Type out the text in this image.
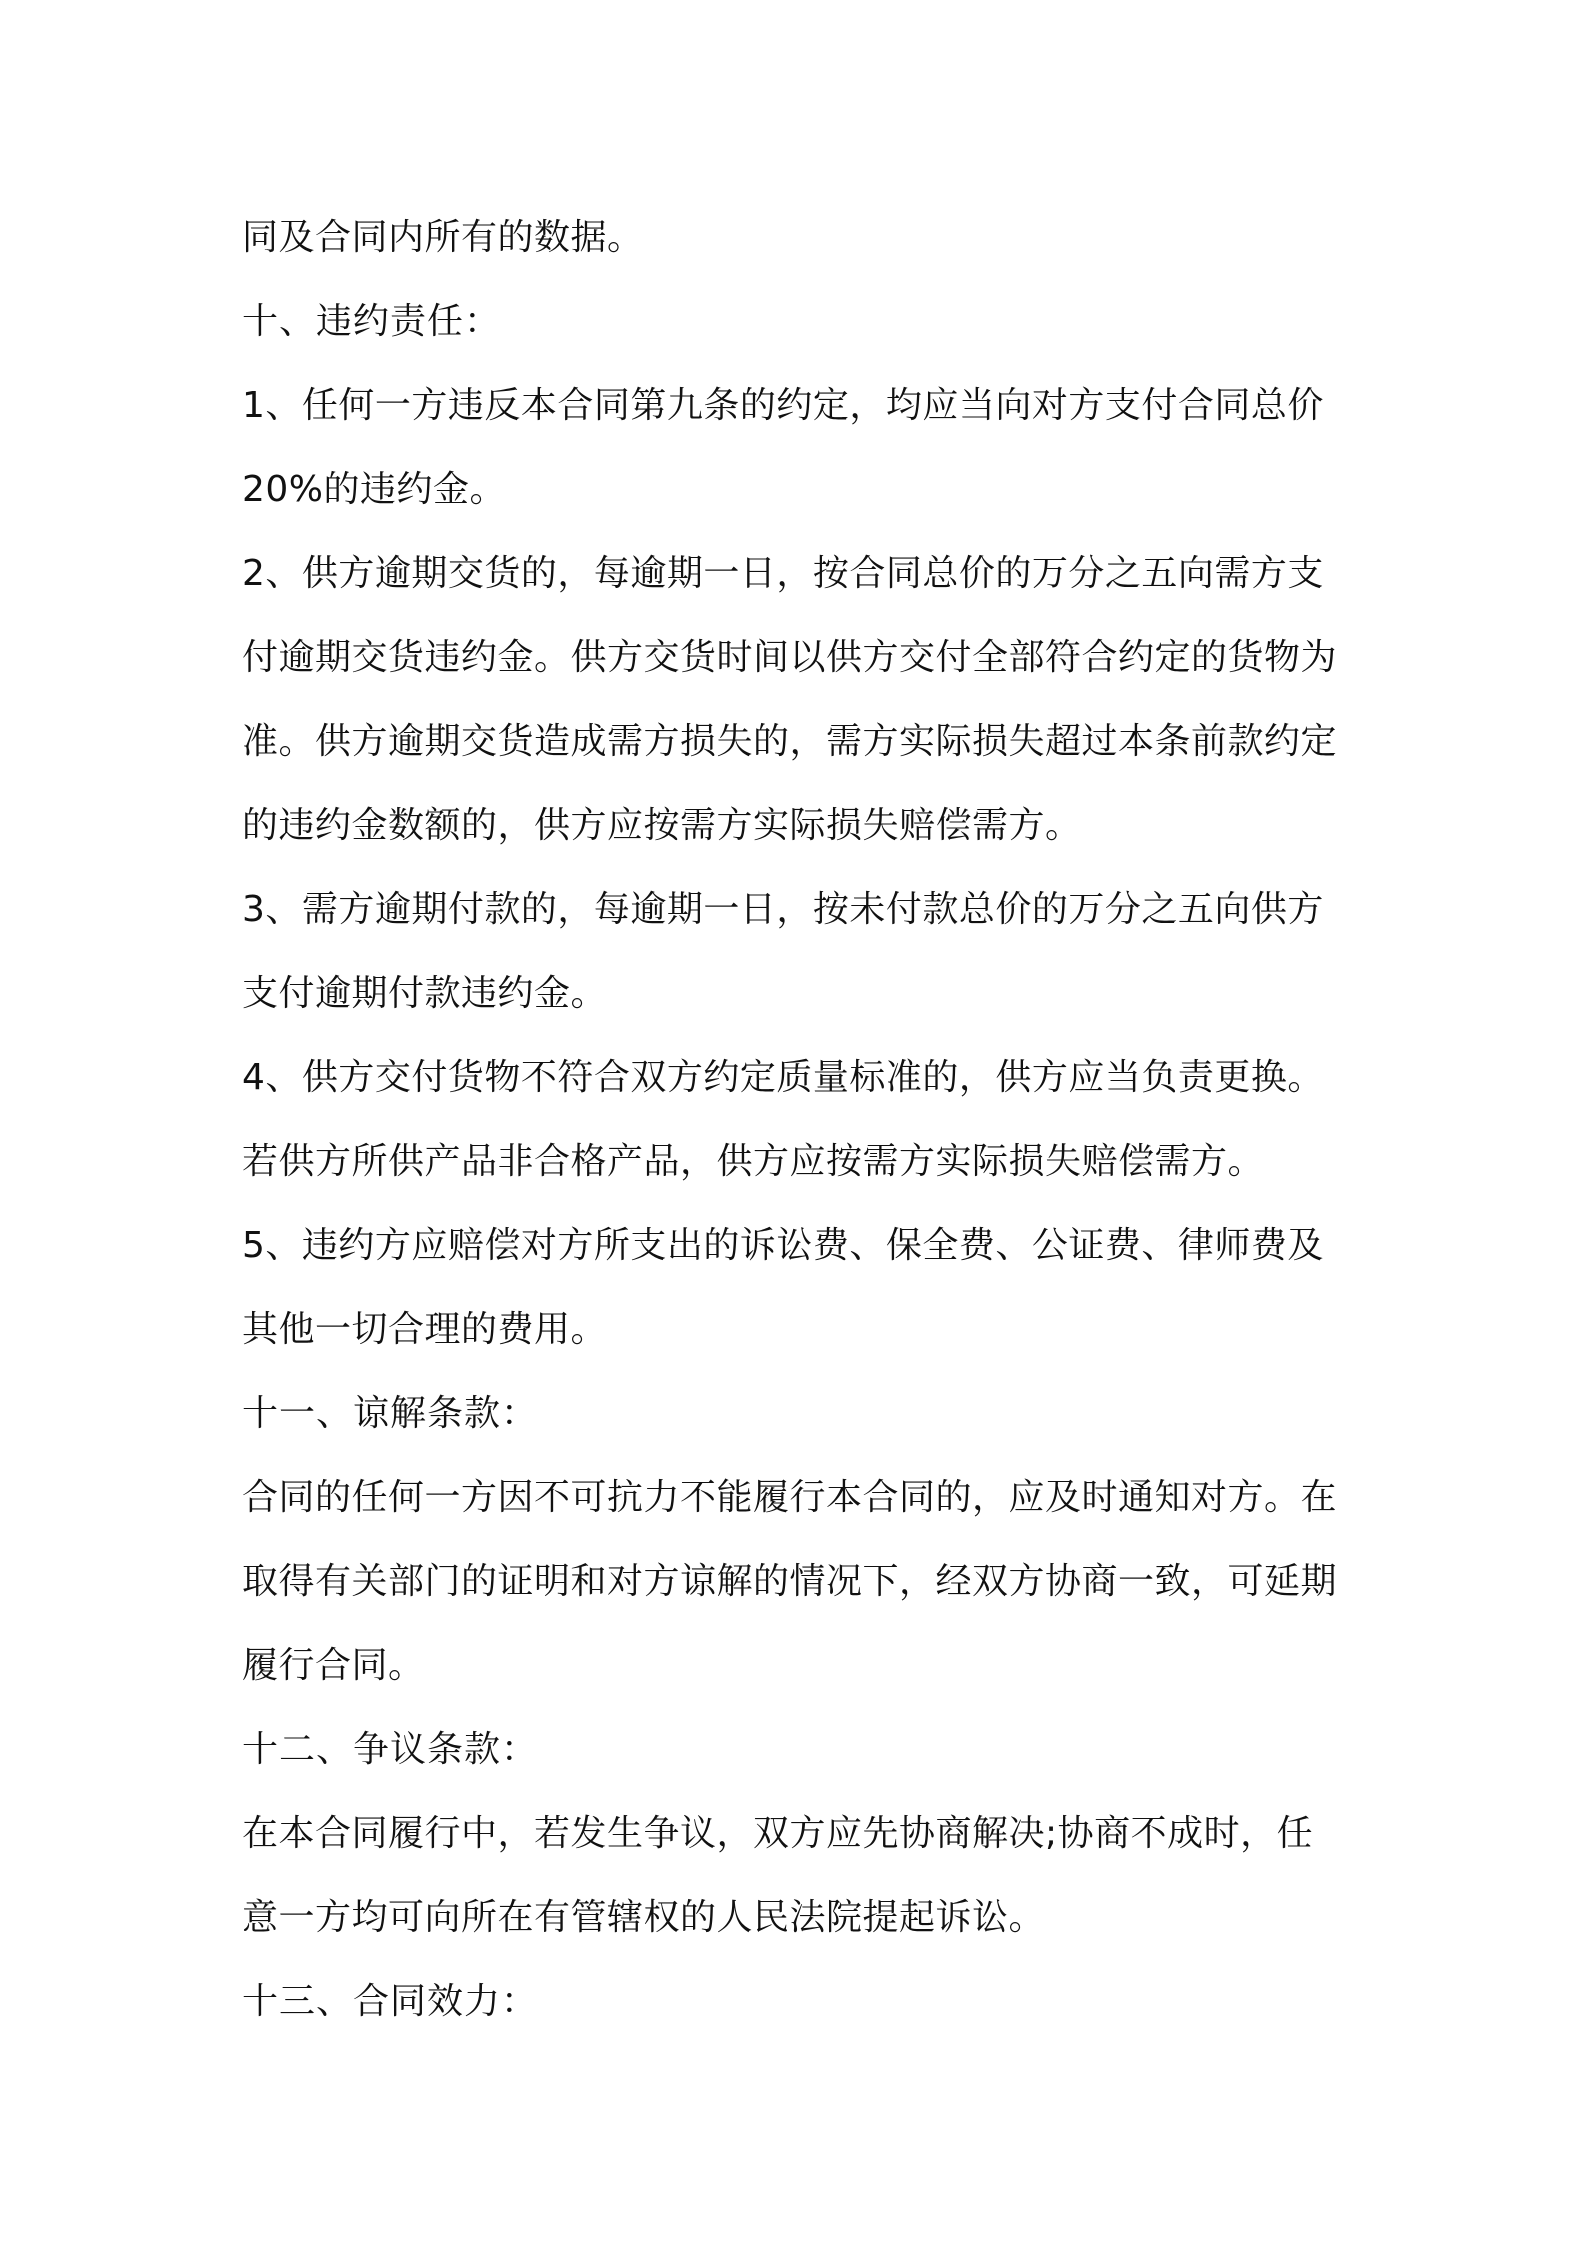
同及合同内所有的数据。
十、违约责任：
1、任何一方违反本合同第九条的约定，均应当向对方支付合同总价
20%的违约金。
2、供方逾期交货的，每逾期一日，按合同总价的万分之五向需方支
付逾期交货违约金。供方交货时间以供方交付全部符合约定的货物为
准。供方逾期交货造成需方损失的，需方实际损失超过本条前款约定
的违约金数额的，供方应按需方实际损失赔偿需方。
3、需方逾期付款的，每逾期一日，按未付款总价的万分之五向供方
支付逾期付款违约金。
4、供方交付货物不符合双方约定质量标准的，供方应当负责更换。
若供方所供产品非合格产品，供方应按需方实际损失赔偿需方。
5、违约方应赔偿对方所支出的诉讼费、保全费、公证费、律师费及
其他一切合理的费用。
十一、谅解条款：
合同的任何一方因不可抗力不能履行本合同的，应及时通知对方。在
取得有关部门的证明和对方谅解的情况下，经双方协商一致，可延期
履行合同。
十二、争议条款：
在本合同履行中，若发生争议，双方应先协商解决;协商不成时，任
意一方均可向所在有管辖权的人民法院提起诉讼。
十三、合同效力：
